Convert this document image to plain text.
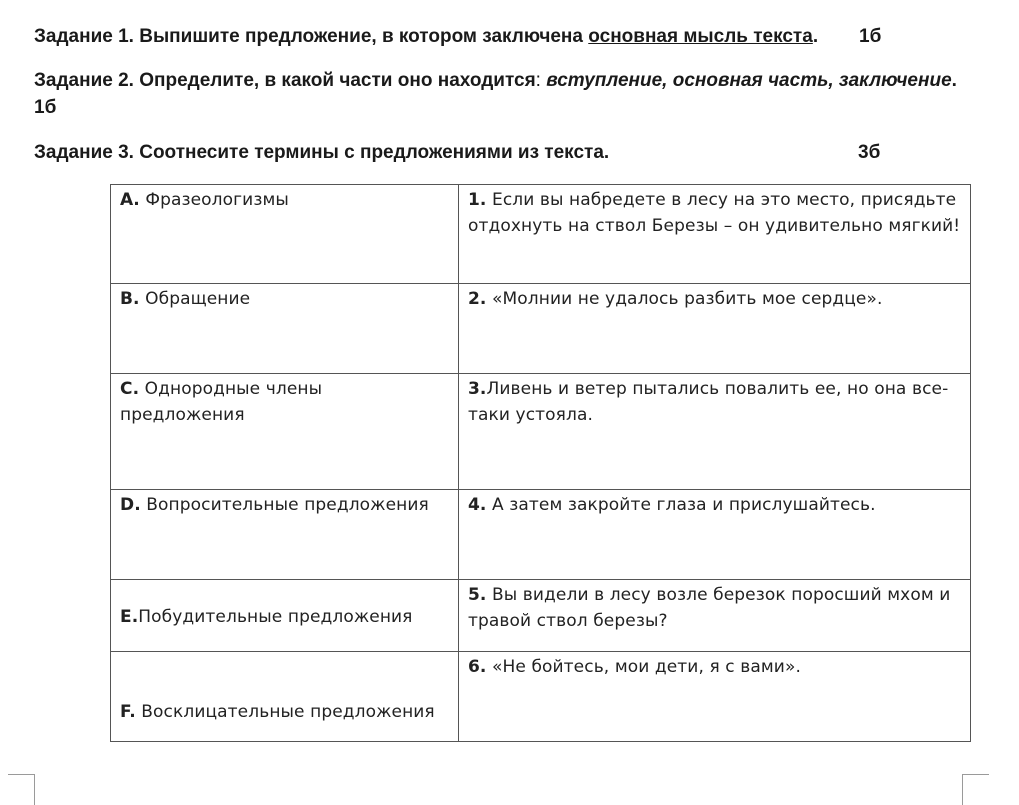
Задание 1. Выпишите предложение, в котором заключена основная мысль текста. 1б
Задание 2. Определите, в какой части оно находится: вступление, основная часть, заключение.
1б
Задание 3. Соотнесите термины с предложениями из текста.	3б
А. Фразеологизмы	1. Если вы набредете в лесу на это место, присядьте отдохнуть на ствол Березы – он удивительно мягкий!
В. Обращение	2. «Молнии не удалось разбить мое сердце».
С. Однородные члены предложения	3.Ливень и ветер пытались повалить ее, но она все-таки устояла.
D. Вопросительные предложения	4. А затем закройте глаза и прислушайтесь.
Е.Побудительные предложения	5. Вы видели в лесу возле березок поросший мхом и травой ствол березы?
F. Восклицательные предложения	6. «Не бойтесь, мои дети, я с вами».
